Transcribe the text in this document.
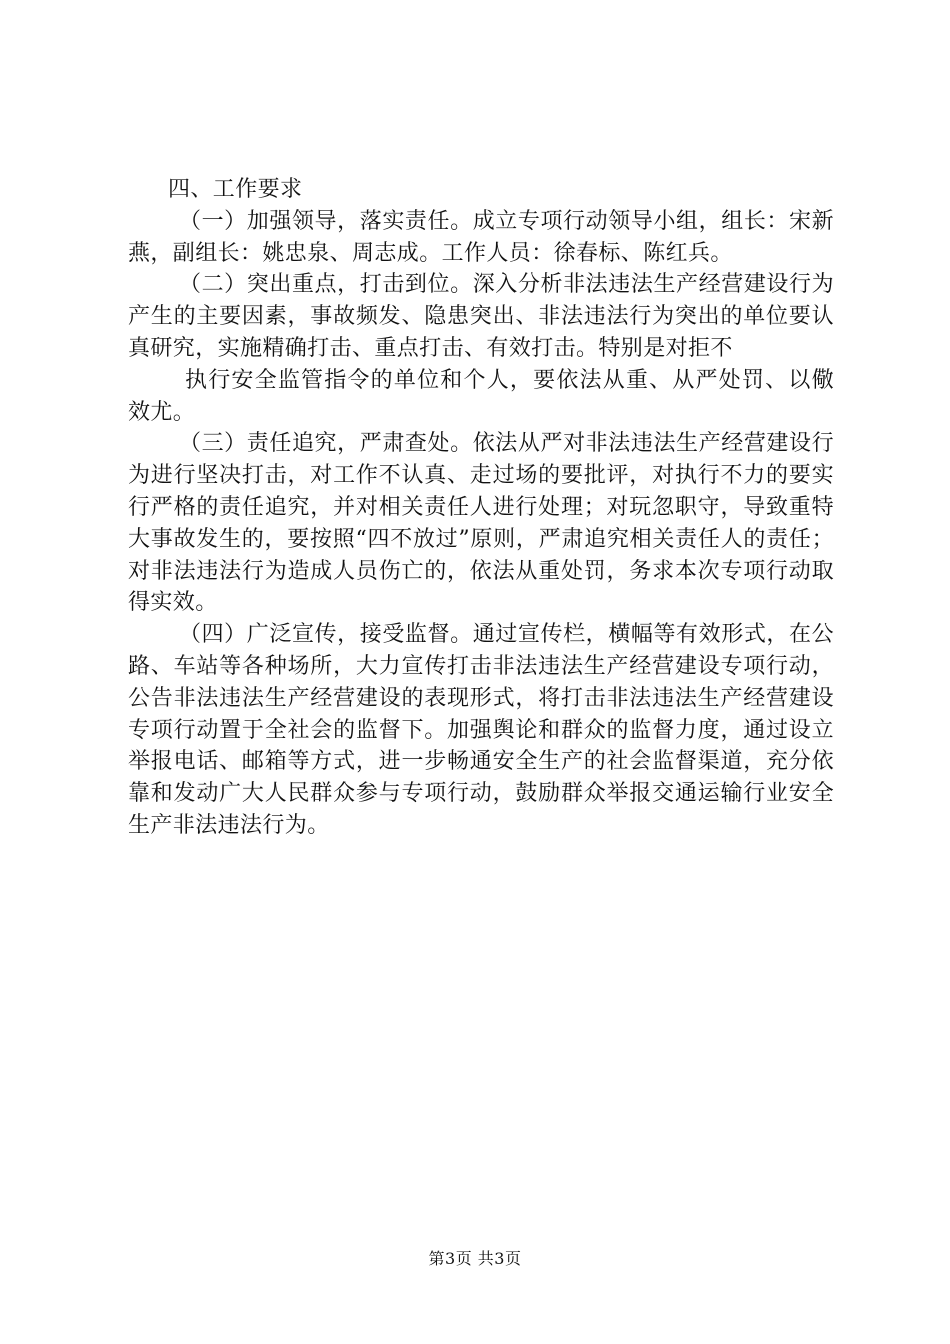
四、工作要求

（一）加强领导，落实责任。成立专项行动领导小组，组长：宋新燕，副组长：姚忠泉、周志成。工作人员：徐春标、陈红兵。

（二）突出重点，打击到位。深入分析非法违法生产经营建设行为产生的主要因素，事故频发、隐患突出、非法违法行为突出的单位要认真研究，实施精确打击、重点打击、有效打击。特别是对拒不

执行安全监管指令的单位和个人，要依法从重、从严处罚、以儆效尤。

（三）责任追究，严肃查处。依法从严对非法违法生产经营建设行为进行坚决打击，对工作不认真、走过场的要批评，对执行不力的要实行严格的责任追究，并对相关责任人进行处理；对玩忽职守，导致重特大事故发生的，要按照“四不放过”原则，严肃追究相关责任人的责任；对非法违法行为造成人员伤亡的，依法从重处罚，务求本次专项行动取得实效。

（四）广泛宣传，接受监督。通过宣传栏，横幅等有效形式，在公路、车站等各种场所，大力宣传打击非法违法生产经营建设专项行动，公告非法违法生产经营建设的表现形式，将打击非法违法生产经营建设专项行动置于全社会的监督下。加强舆论和群众的监督力度，通过设立举报电话、邮箱等方式，进一步畅通安全生产的社会监督渠道，充分依靠和发动广大人民群众参与专项行动，鼓励群众举报交通运输行业安全生产非法违法行为。

第3页 共3页
